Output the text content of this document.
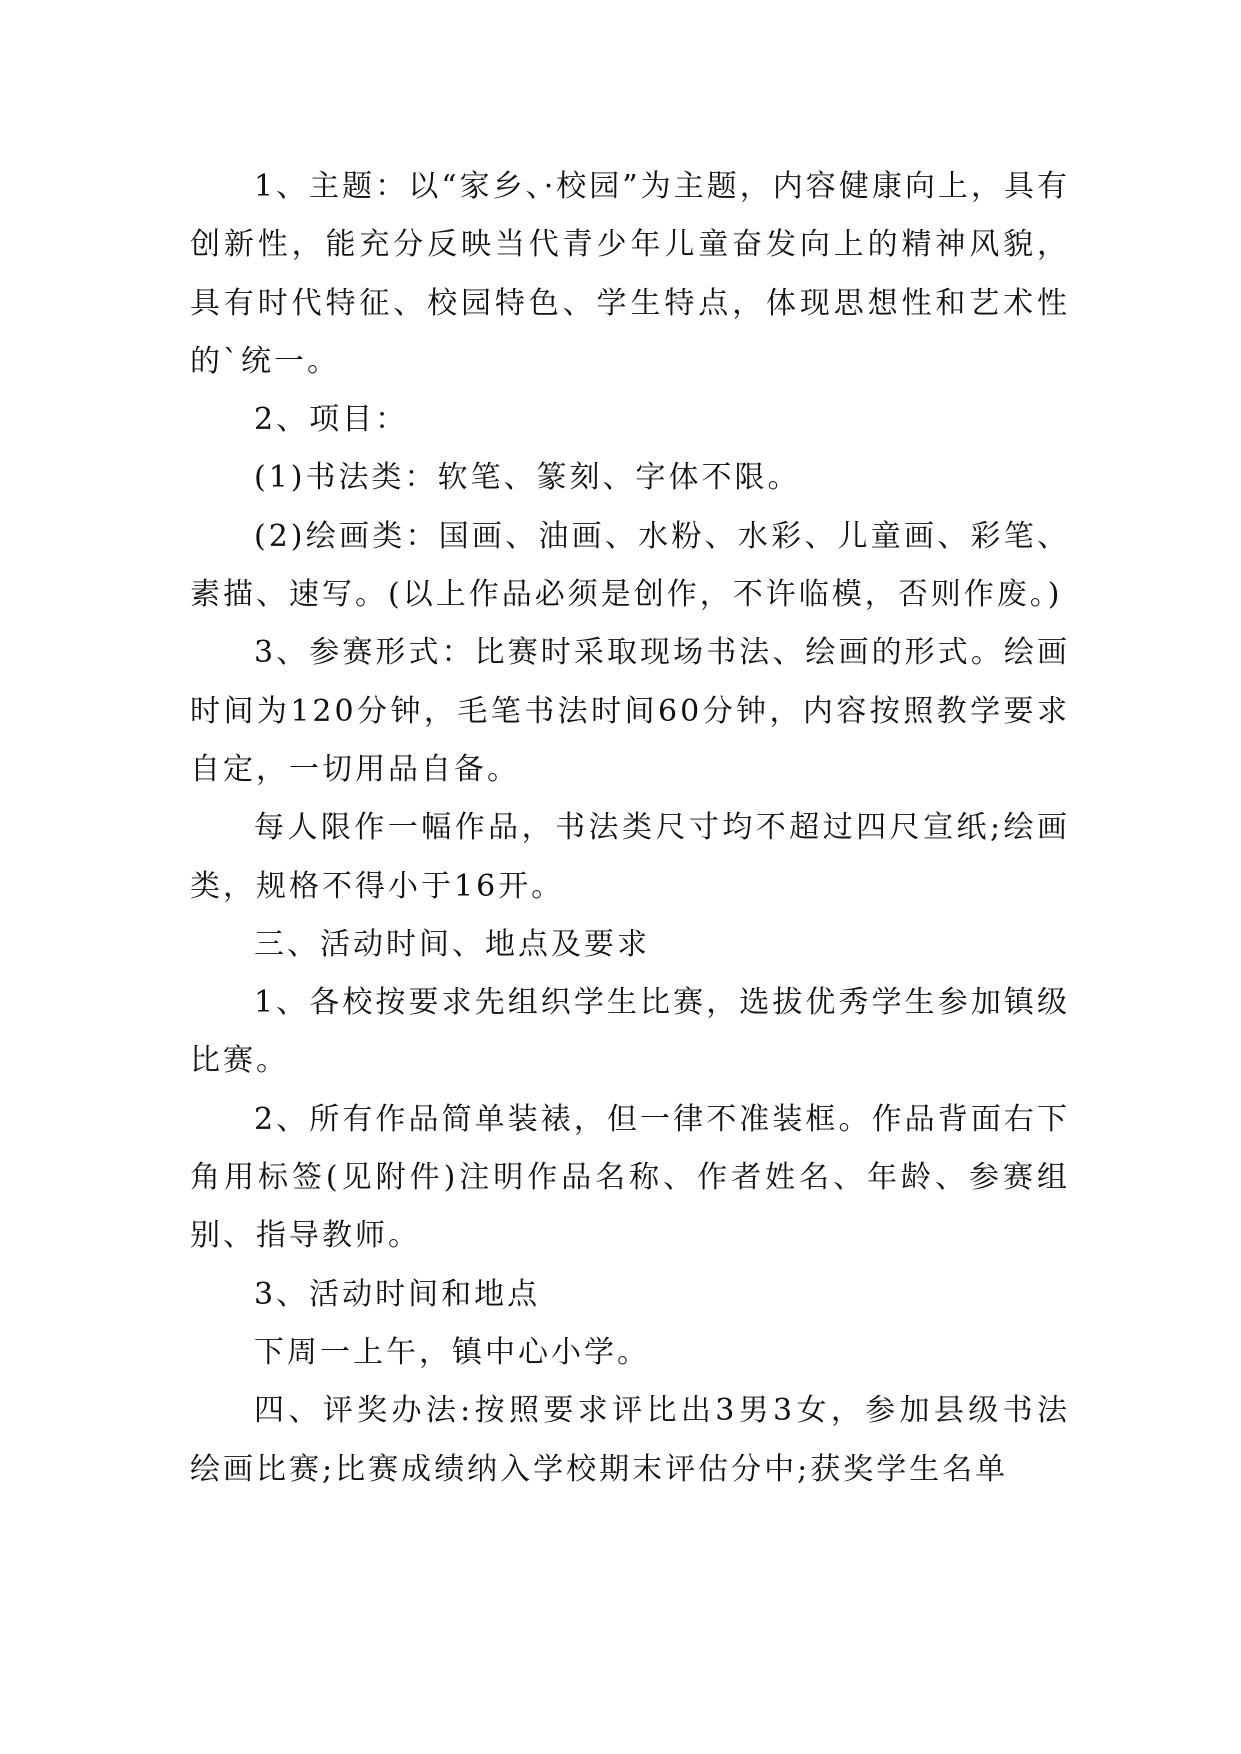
1、主题：以“家乡、·校园”为主题，内容健康向上，具有创新性，能充分反映当代青少年儿童奋发向上的精神风貌，具有时代特征、校园特色、学生特点，体现思想性和艺术性的`统一。

2、项目：

(1)书法类：软笔、篆刻、字体不限。

(2)绘画类：国画、油画、水粉、水彩、儿童画、彩笔、素描、速写。(以上作品必须是创作，不许临模，否则作废。)

3、参赛形式：比赛时采取现场书法、绘画的形式。绘画时间为120分钟，毛笔书法时间60分钟，内容按照教学要求自定，一切用品自备。

每人限作一幅作品，书法类尺寸均不超过四尺宣纸;绘画类，规格不得小于16开。

三、活动时间、地点及要求

1、各校按要求先组织学生比赛，选拔优秀学生参加镇级比赛。

2、所有作品简单装裱，但一律不准装框。作品背面右下角用标签(见附件)注明作品名称、作者姓名、年龄、参赛组别、指导教师。

3、活动时间和地点

下周一上午，镇中心小学。

四、评奖办法:按照要求评比出3男3女，参加县级书法绘画比赛;比赛成绩纳入学校期末评估分中;获奖学生名单
